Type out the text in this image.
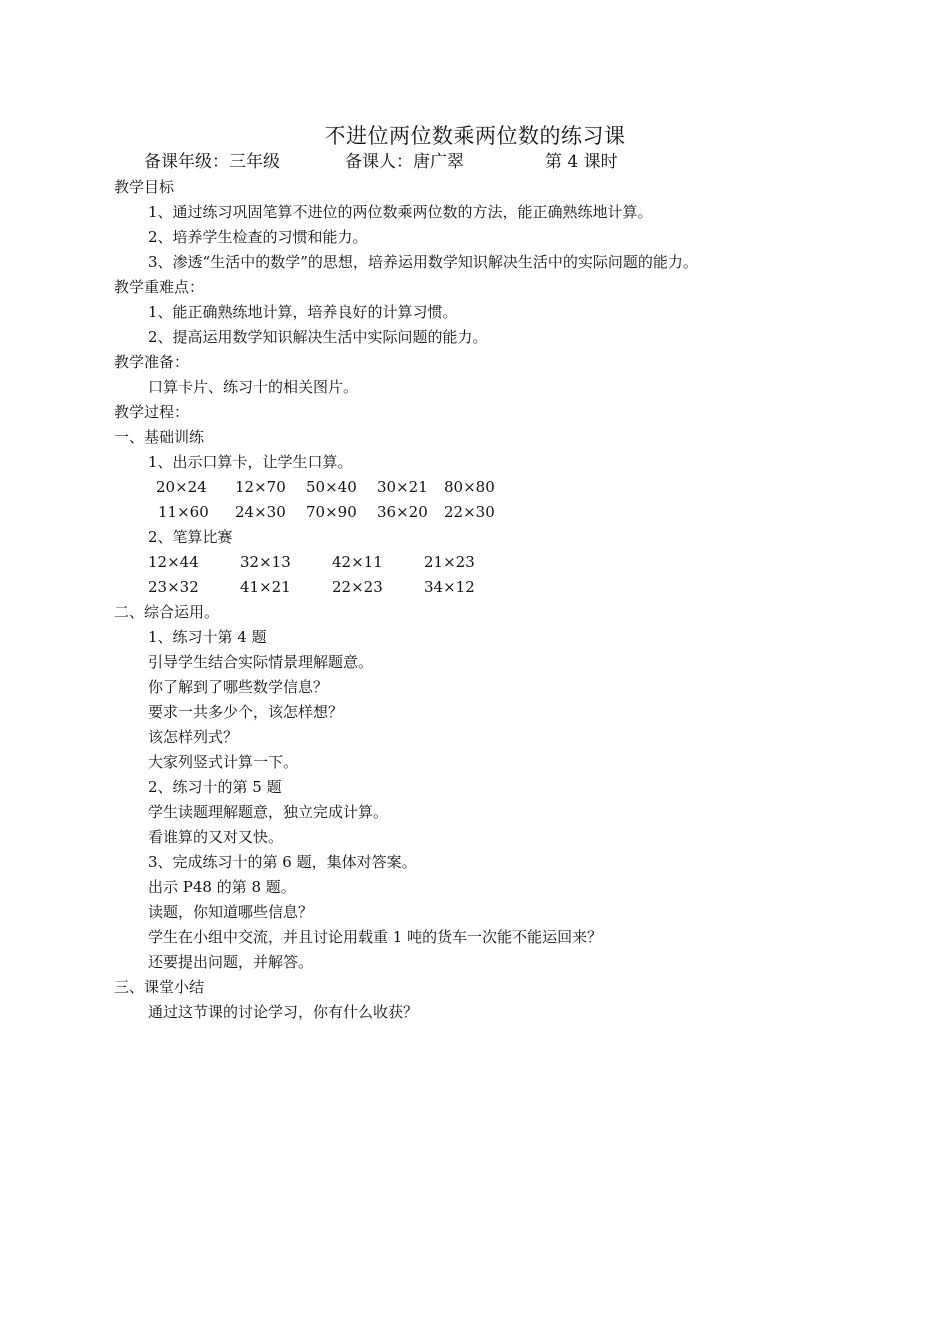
不进位两位数乘两位数的练习课
备课年级：三年级	备课人：唐广翠	第 4 课时
教学目标
1、通过练习巩固笔算不进位的两位数乘两位数的方法，能正确熟练地计算。
2、培养学生检查的习惯和能力。
3、渗透“生活中的数学”的思想，培养运用数学知识解决生活中的实际问题的能力。
教学重难点：
1、能正确熟练地计算，培养良好的计算习惯。
2、提高运用数学知识解决生活中实际问题的能力。
教学准备：
口算卡片、练习十的相关图片。
教学过程：
一、基础训练
1、出示口算卡，让学生口算。
20×24 12×70 50×40 30×21 80×80
11×60 24×30 70×90 36×20 22×30
2、笔算比赛
12×44	32×13	42×11	21×23
23×32	41×21	22×23	34×12
二、综合运用。
1、练习十第 4 题
引导学生结合实际情景理解题意。
你了解到了哪些数学信息？
要求一共多少个，该怎样想？
该怎样列式？
大家列竖式计算一下。
2、练习十的第 5 题
学生读题理解题意，独立完成计算。
看谁算的又对又快。
3、完成练习十的第 6 题，集体对答案。
出示 P48 的第 8 题。
读题，你知道哪些信息？
学生在小组中交流，并且讨论用载重 1 吨的货车一次能不能运回来？
还要提出问题，并解答。
三、课堂小结
通过这节课的讨论学习，你有什么收获？
